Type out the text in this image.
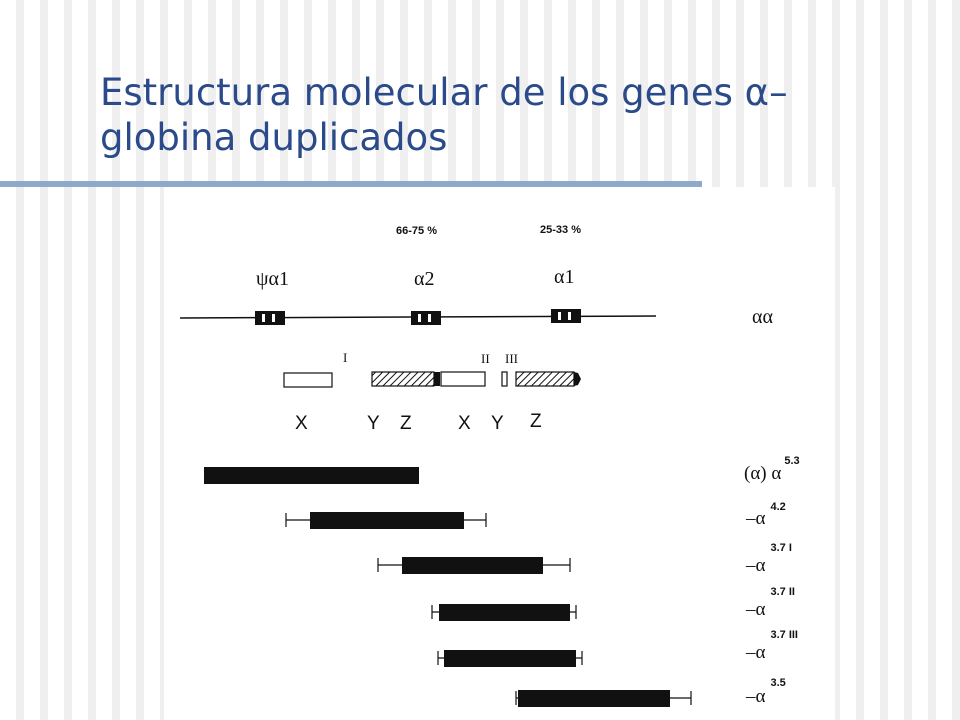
Estructura molecular de los genes α–
globina duplicados
66-75 %	25-33 %
ψα1	α2	α1
αα
I	II III
X	Y Z X Y Z
(α) $\alpha^{5.3}$
$-\alpha^{4.2}$
$-\alpha^{3.7 I}$
$-\alpha^{3.7 II}$
$-\alpha^{3.7 III}$
$-\alpha^{3.5}$
